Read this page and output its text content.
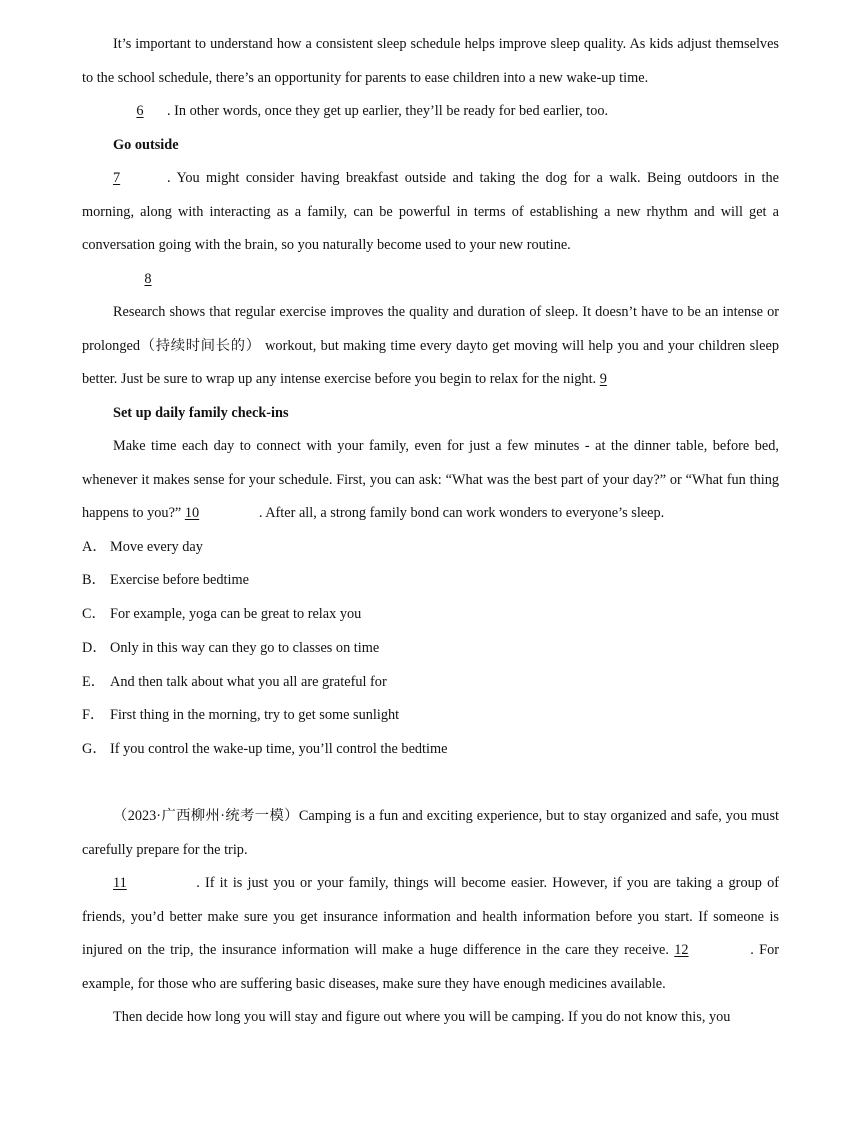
It’s important to understand how a consistent sleep schedule helps improve sleep quality. As kids adjust themselves to the school schedule, there’s an opportunity for parents to ease children into a new wake-up time.

6 . In other words, once they get up earlier, they’ll be ready for bed earlier, too.

Go outside

7	. You might consider having breakfast outside and taking the dog for a walk. Being outdoors in the morning, along with interacting as a family, can be powerful in terms of establishing a new rhythm and will get a conversation going with the brain, so you naturally become used to your new routine.

8

Research shows that regular exercise improves the quality and duration of sleep. It doesn’t have to be an intense or prolonged（持续时间长的） workout, but making time every dayto get moving will help you and your children sleep better. Just be sure to wrap up any intense exercise before you begin to relax for the night. 9

Set up daily family check-ins

Make time each day to connect with your family, even for just a few minutes - at the dinner table, before bed, whenever it makes sense for your schedule. First, you can ask: “What was the best part of your day?” or “What fun thing happens to you?” 10	. After all, a strong family bond can work wonders to everyone’s sleep.

A． Move every day

B． Exercise before bedtime

C． For example, yoga can be great to relax you

D． Only in this way can they go to classes on time

E． And then talk about what you all are grateful for

F． First thing in the morning, try to get some sunlight

G． If you control the wake-up time, you’ll control the bedtime

（2023·广西柳州·统考一模）Camping is a fun and exciting experience, but to stay organized and safe, you must carefully prepare for the trip.

11	. If it is just you or your family, things will become easier. However, if you are taking a group of friends, you’d better make sure you get insurance information and health information before you start. If someone is injured on the trip, the insurance information will make a huge difference in the care they receive. 12	. For example, for those who are suffering basic diseases, make sure they have enough medicines available.

Then decide how long you will stay and figure out where you will be camping. If you do not know this, you
